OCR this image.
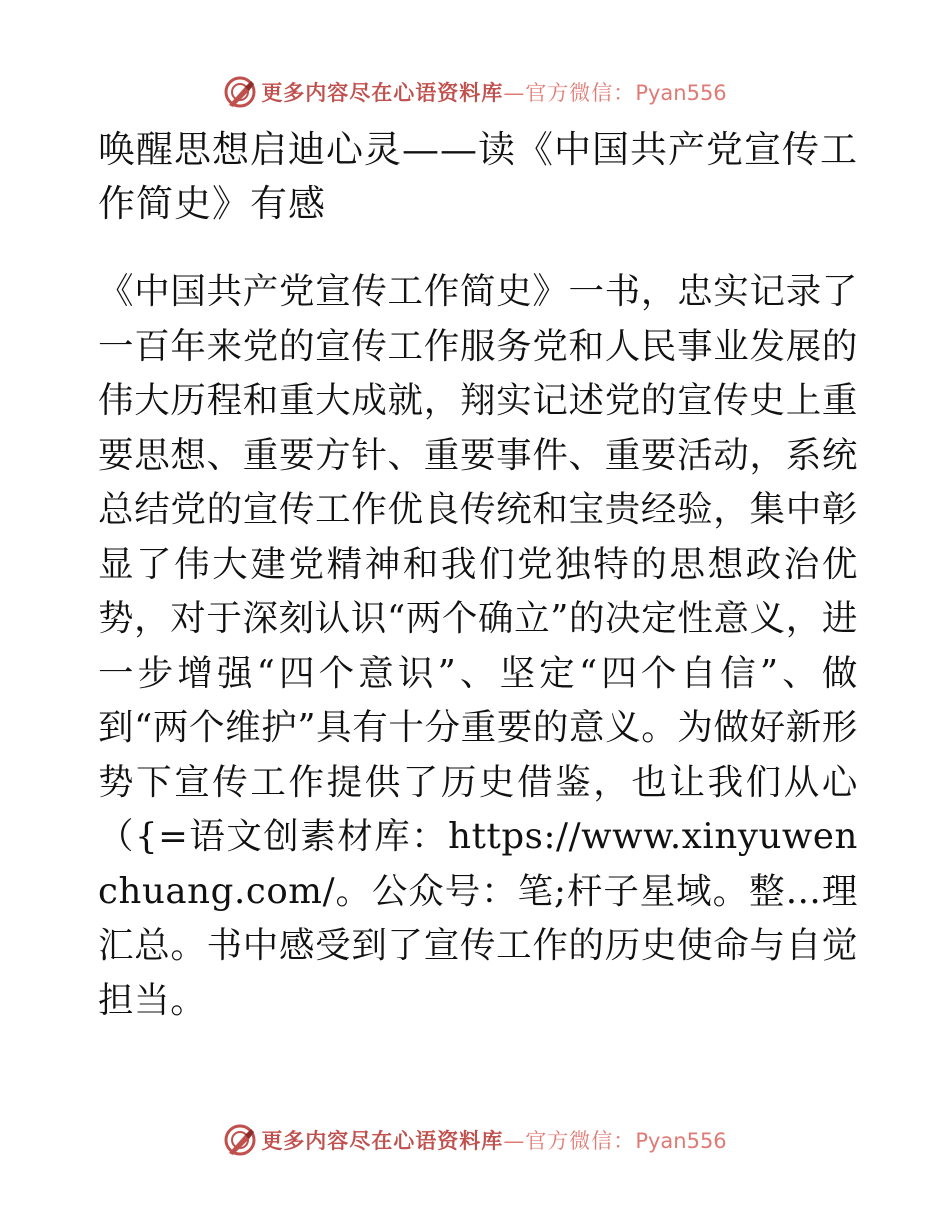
更多内容尽在心语资料库—官方微信：Pyan556
唤醒思想启迪心灵——读《中国共产党宣传工作简史》有感

《中国共产党宣传工作简史》一书，忠实记录了一百年来党的宣传工作服务党和人民事业发展的伟大历程和重大成就，翔实记述党的宣传史上重要思想、重要方针、重要事件、重要活动，系统总结党的宣传工作优良传统和宝贵经验，集中彰显了伟大建党精神和我们党独特的思想政治优势，对于深刻认识“两个确立”的决定性意义，进一步增强“四个意识”、坚定“四个自信”、做到“两个维护”具有十分重要的意义。为做好新形势下宣传工作提供了历史借鉴，也让我们从心（{=语文创素材库：https://www.xinyuwenchuang.com/。公众号：笔;杆子星域。整…理汇总。书中感受到了宣传工作的历史使命与自觉担当。

更多内容尽在心语资料库—官方微信：Pyan556
